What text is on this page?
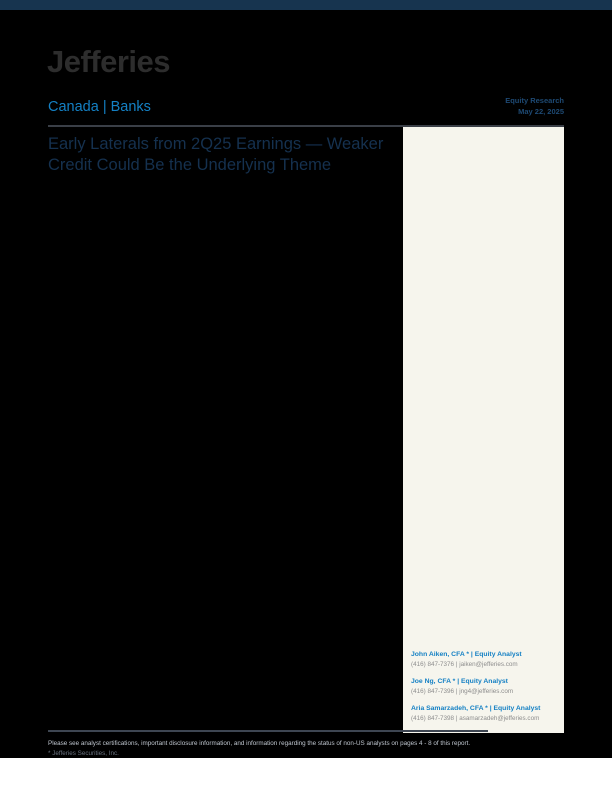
Jefferies
Canada | Banks	Equity Research
May 22, 2025
Early Laterals from 2Q25 Earnings — Weaker
Credit Could Be the Underlying Theme
John Aiken, CFA * | Equity Analyst
(416) 847-7376 | jaiken@jefferies.com
Joe Ng, CFA * | Equity Analyst
(416) 847-7396 | jng4@jefferies.com
Aria Samarzadeh, CFA * | Equity Analyst
(416) 847-7398 | asamarzadeh@jefferies.com
Please see analyst certifications, important disclosure information, and information regarding the status of non-US analysts on pages 4 - 8 of this report.
* Jefferies Securities, Inc.
